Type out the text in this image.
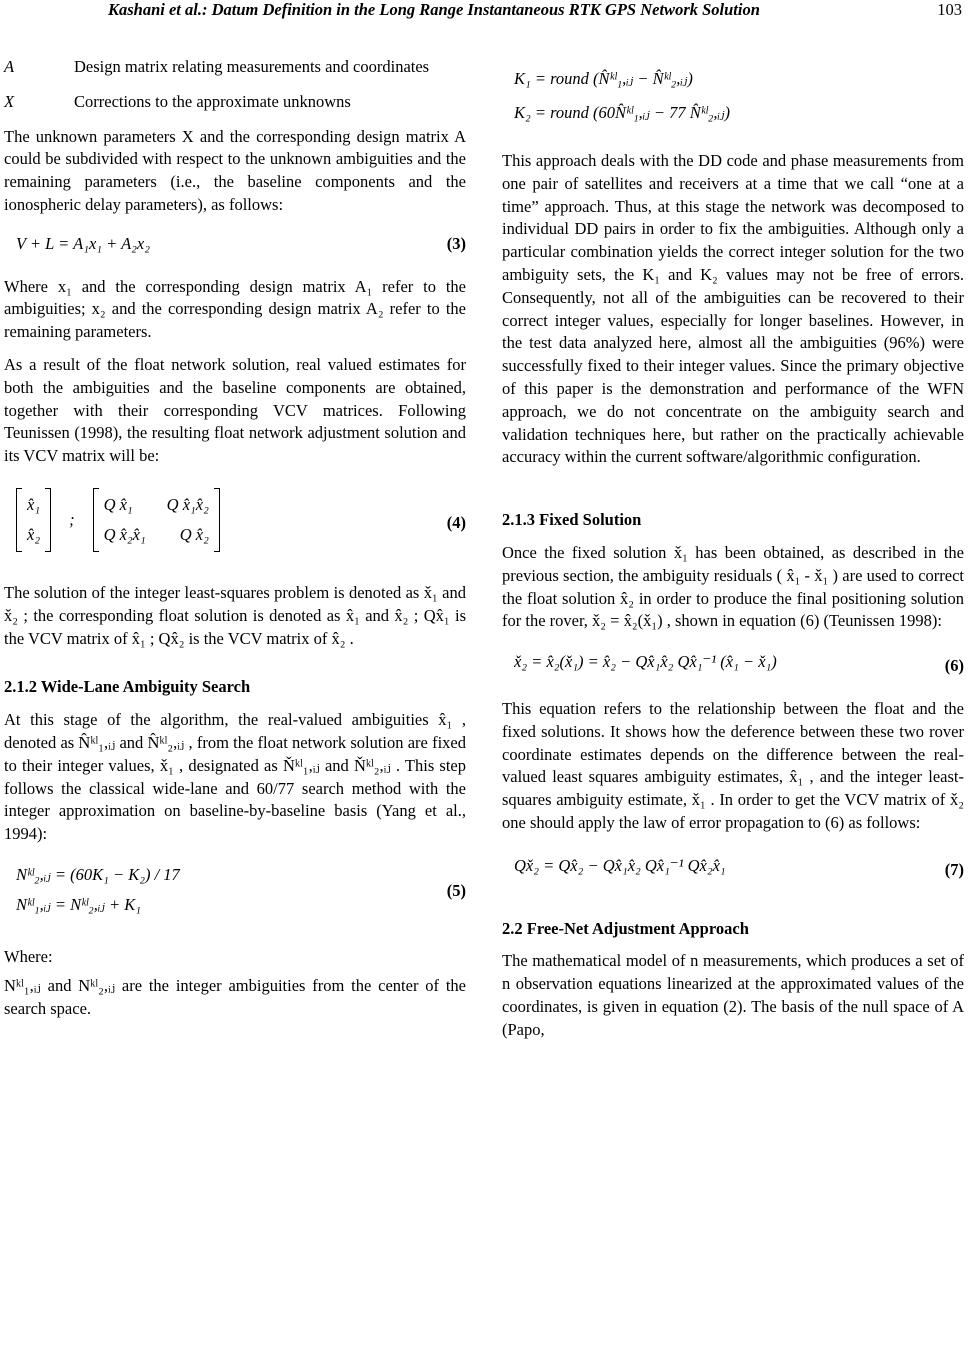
Kashani et al.: Datum Definition in the Long Range Instantaneous RTK GPS Network Solution	103
A	Design matrix relating measurements and coordinates
X	Corrections to the approximate unknowns

The unknown parameters X and the corresponding design matrix A could be subdivided with respect to the unknown ambiguities and the remaining parameters (i.e., the baseline components and the ionospheric delay parameters), as follows:

V + L = A₁x₁ + A₂x₂	(3)

Where x₁ and the corresponding design matrix A₁ refer to the ambiguities; x₂ and the corresponding design matrix A₂ refer to the remaining parameters.

As a result of the float network solution, real valued estimates for both the ambiguities and the baseline components are obtained, together with their corresponding VCV matrices. Following Teunissen (1998), the resulting float network adjustment solution and its VCV matrix will be:

x̂₁
x̂₂
;
Q x̂₁ Q x̂₁x̂₂
Q x̂₂x̂₁ Q x̂₂
(4)

The solution of the integer least-squares problem is denoted as x̌₁ and x̌₂ ; the corresponding float solution is denoted as x̂₁ and x̂₂ ; Qx̂₁ is the VCV matrix of x̂₁ ; Qx̂₂ is the VCV matrix of x̂₂ .

2.1.2 Wide-Lane Ambiguity Search

At this stage of the algorithm, the real-valued ambiguities x̂₁ , denoted as N̂ᵏˡ₁,ᵢⱼ and N̂ᵏˡ₂,ᵢⱼ , from the float network solution are fixed to their integer values, x̌₁ , designated as Ňᵏˡ₁,ᵢⱼ and Ňᵏˡ₂,ᵢⱼ . This step follows the classical wide-lane and 60/77 search method with the integer approximation on baseline-by-baseline basis (Yang et al., 1994):

Nᵏˡ₂,ᵢⱼ = (60K₁ − K₂) / 17
Nᵏˡ₁,ᵢⱼ = Nᵏˡ₂,ᵢⱼ + K₁
(5)

Where:

Nᵏˡ₁,ᵢⱼ and Nᵏˡ₂,ᵢⱼ are the integer ambiguities from the center of the search space.

K₁ = round (N̂ᵏˡ₁,ᵢⱼ − N̂ᵏˡ₂,ᵢⱼ)
K₂ = round (60N̂ᵏˡ₁,ᵢⱼ − 77 N̂ᵏˡ₂,ᵢⱼ)

This approach deals with the DD code and phase measurements from one pair of satellites and receivers at a time that we call “one at a time” approach. Thus, at this stage the network was decomposed to individual DD pairs in order to fix the ambiguities. Although only a particular combination yields the correct integer solution for the two ambiguity sets, the K₁ and K₂ values may not be free of errors. Consequently, not all of the ambiguities can be recovered to their correct integer values, especially for longer baselines. However, in the test data analyzed here, almost all the ambiguities (96%) were successfully fixed to their integer values. Since the primary objective of this paper is the demonstration and performance of the WFN approach, we do not concentrate on the ambiguity search and validation techniques here, but rather on the practically achievable accuracy within the current software/algorithmic configuration.

2.1.3 Fixed Solution

Once the fixed solution x̌₁ has been obtained, as described in the previous section, the ambiguity residuals ( x̂₁ - x̌₁ ) are used to correct the float solution x̂₂ in order to produce the final positioning solution for the rover, x̌₂ = x̂₂(x̌₁) , shown in equation (6) (Teunissen 1998):

x̌₂ = x̂₂(x̌₁) = x̂₂ − Qx̂₁x̂₂ Qx̂₁⁻¹ (x̂₁ − x̌₁)	(6)

This equation refers to the relationship between the float and the fixed solutions. It shows how the deference between these two rover coordinate estimates depends on the difference between the real-valued least squares ambiguity estimates, x̂₁ , and the integer least-squares ambiguity estimate, x̌₁ . In order to get the VCV matrix of x̌₂ one should apply the law of error propagation to (6) as follows:

Qx̌₂ = Qx̂₂ − Qx̂₁x̂₂ Qx̂₁⁻¹ Qx̂₂x̂₁	(7)
2.2 Free-Net Adjustment Approach

The mathematical model of n measurements, which produces a set of n observation equations linearized at the approximated values of the coordinates, is given in equation (2). The basis of the null space of A (Papo,
